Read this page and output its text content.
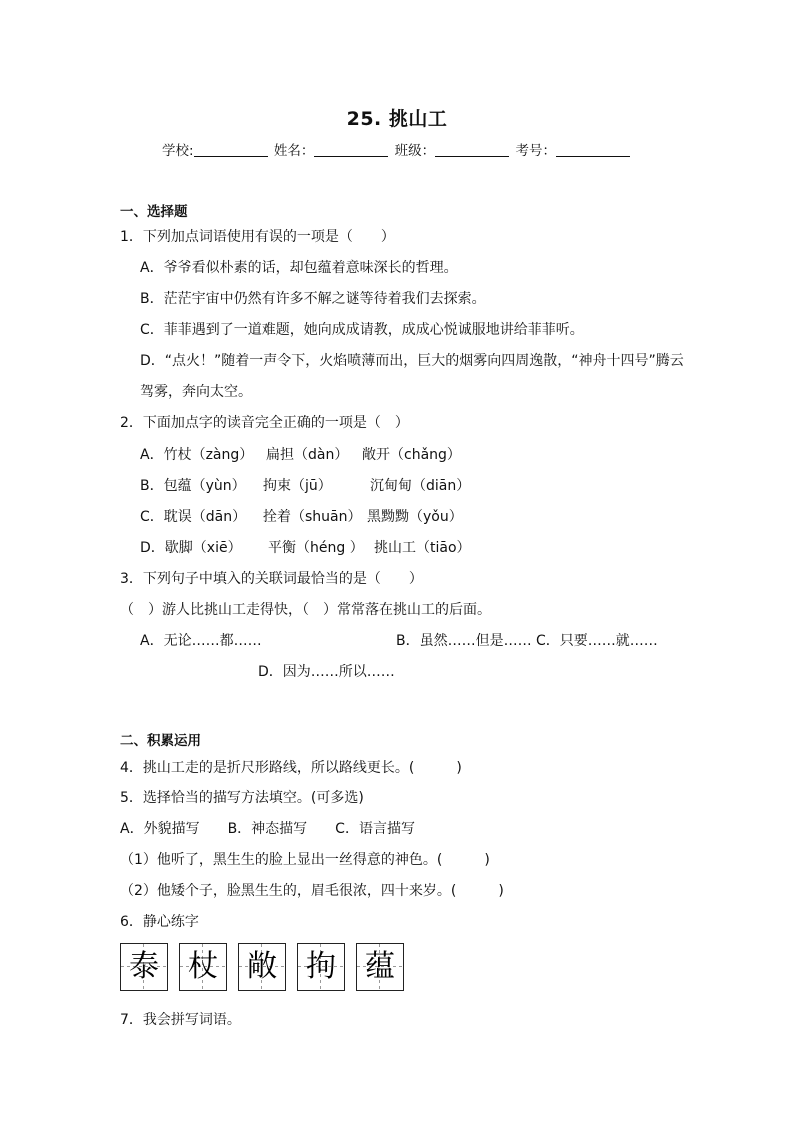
25. 挑山工
学校:	姓名：	班级：	考号：
一、选择题
1．下列加点词语使用有误的一项是（　　）
A．爷爷看似朴素的话，却包蕴着意味深长的哲理。
B．茫茫宇宙中仍然有许多不解之谜等待着我们去探索。
C．菲菲遇到了一道难题，她向成成请教，成成心悦诚服地讲给菲菲听。
D．“点火！”随着一声令下，火焰喷薄而出，巨大的烟雾向四周逸散，“神舟十四号”腾云
驾雾，奔向太空。
2．下面加点字的读音完全正确的一项是（　）
A．竹杖（zàng） 扁担（dàn） 敞开（chǎng）
B．包蕴（yùn） 拘束（jū）	沉甸甸（diān）
C．耽误（dān） 拴着（shuān） 黑黝黝（yǒu）
D．歇脚（xiē） 平衡（héng ） 挑山工（tiāo）
3．下列句子中填入的关联词最恰当的是（　　）
（　）游人比挑山工走得快，（　）常常落在挑山工的后面。
A．无论……都……	B．虽然……但是…… C．只要……就……
D．因为……所以……
二、积累运用
4．挑山工走的是折尺形路线，所以路线更长。(　　　)
5．选择恰当的描写方法填空。(可多选)
A．外貌描写　　B．神态描写　　C．语言描写
（1）他听了，黑生生的脸上显出一丝得意的神色。(　　　)
（2）他矮个子，脸黑生生的，眉毛很浓，四十来岁。(　　　)
6．静心练字
泰 杖 敞 拘 蕴
7．我会拼写词语。
